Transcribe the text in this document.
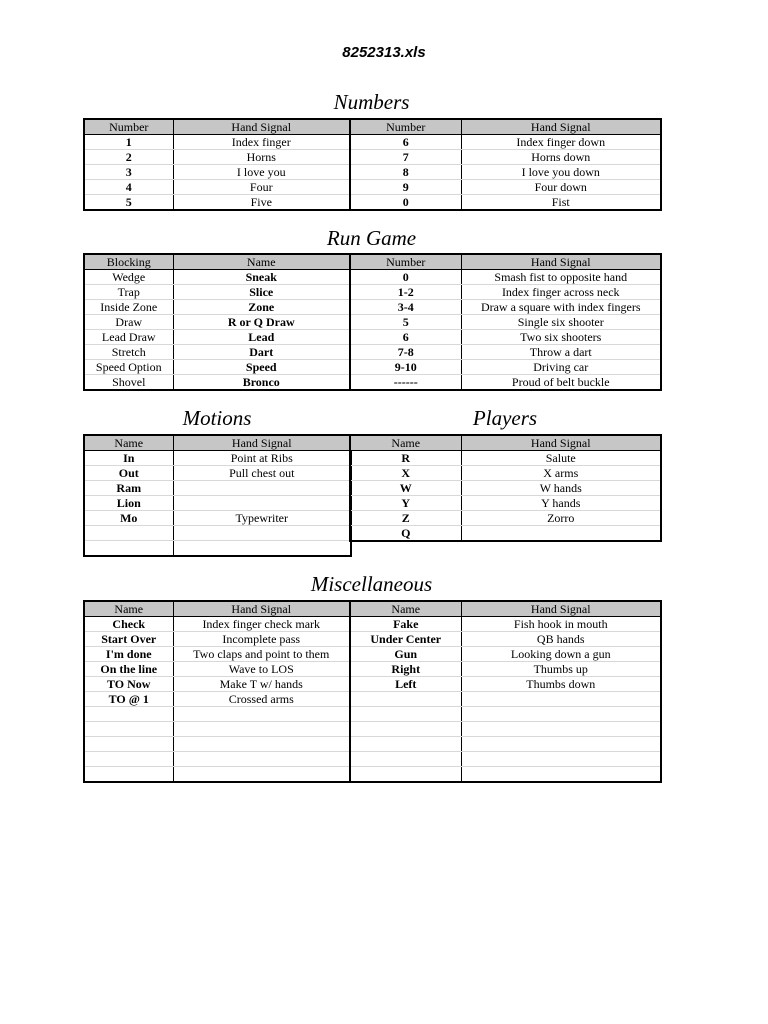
8252313.xls
Numbers
Number	Hand Signal	Number	Hand Signal
1	Index finger	6	Index finger down
2	Horns	7	Horns down
3	I love you	8	I love you down
4	Four	9	Four down
5	Five	0	Fist
Run Game
Blocking	Name	Number	Hand Signal
Wedge	Sneak	0	Smash fist to opposite hand
Trap	Slice	1-2	Index finger across neck
Inside Zone	Zone	3-4	Draw a square with index fingers
Draw	R or Q Draw	5	Single six shooter
Lead Draw	Lead	6	Two six shooters
Stretch	Dart	7-8	Throw a dart
Speed Option	Speed	9-10	Driving car
Shovel	Bronco	------	Proud of belt buckle
Motions	Players
Name	Hand Signal
In	Point at Ribs
Out	Pull chest out
Ram	
Lion	
Mo	Typewriter

Name	Hand Signal
R	Salute
X	X arms
W	W hands
Y	Y hands
Z	Zorro
Q	
Miscellaneous
Name	Hand Signal	Name	Hand Signal
Check	Index finger check mark	Fake	Fish hook in mouth
Start Over	Incomplete pass	Under Center	QB hands
I'm done	Two claps and point to them	Gun	Looking down a gun
On the line	Wave to LOS	Right	Thumbs up
TO Now	Make T w/ hands	Left	Thumbs down
TO @ 1	Crossed arms		
